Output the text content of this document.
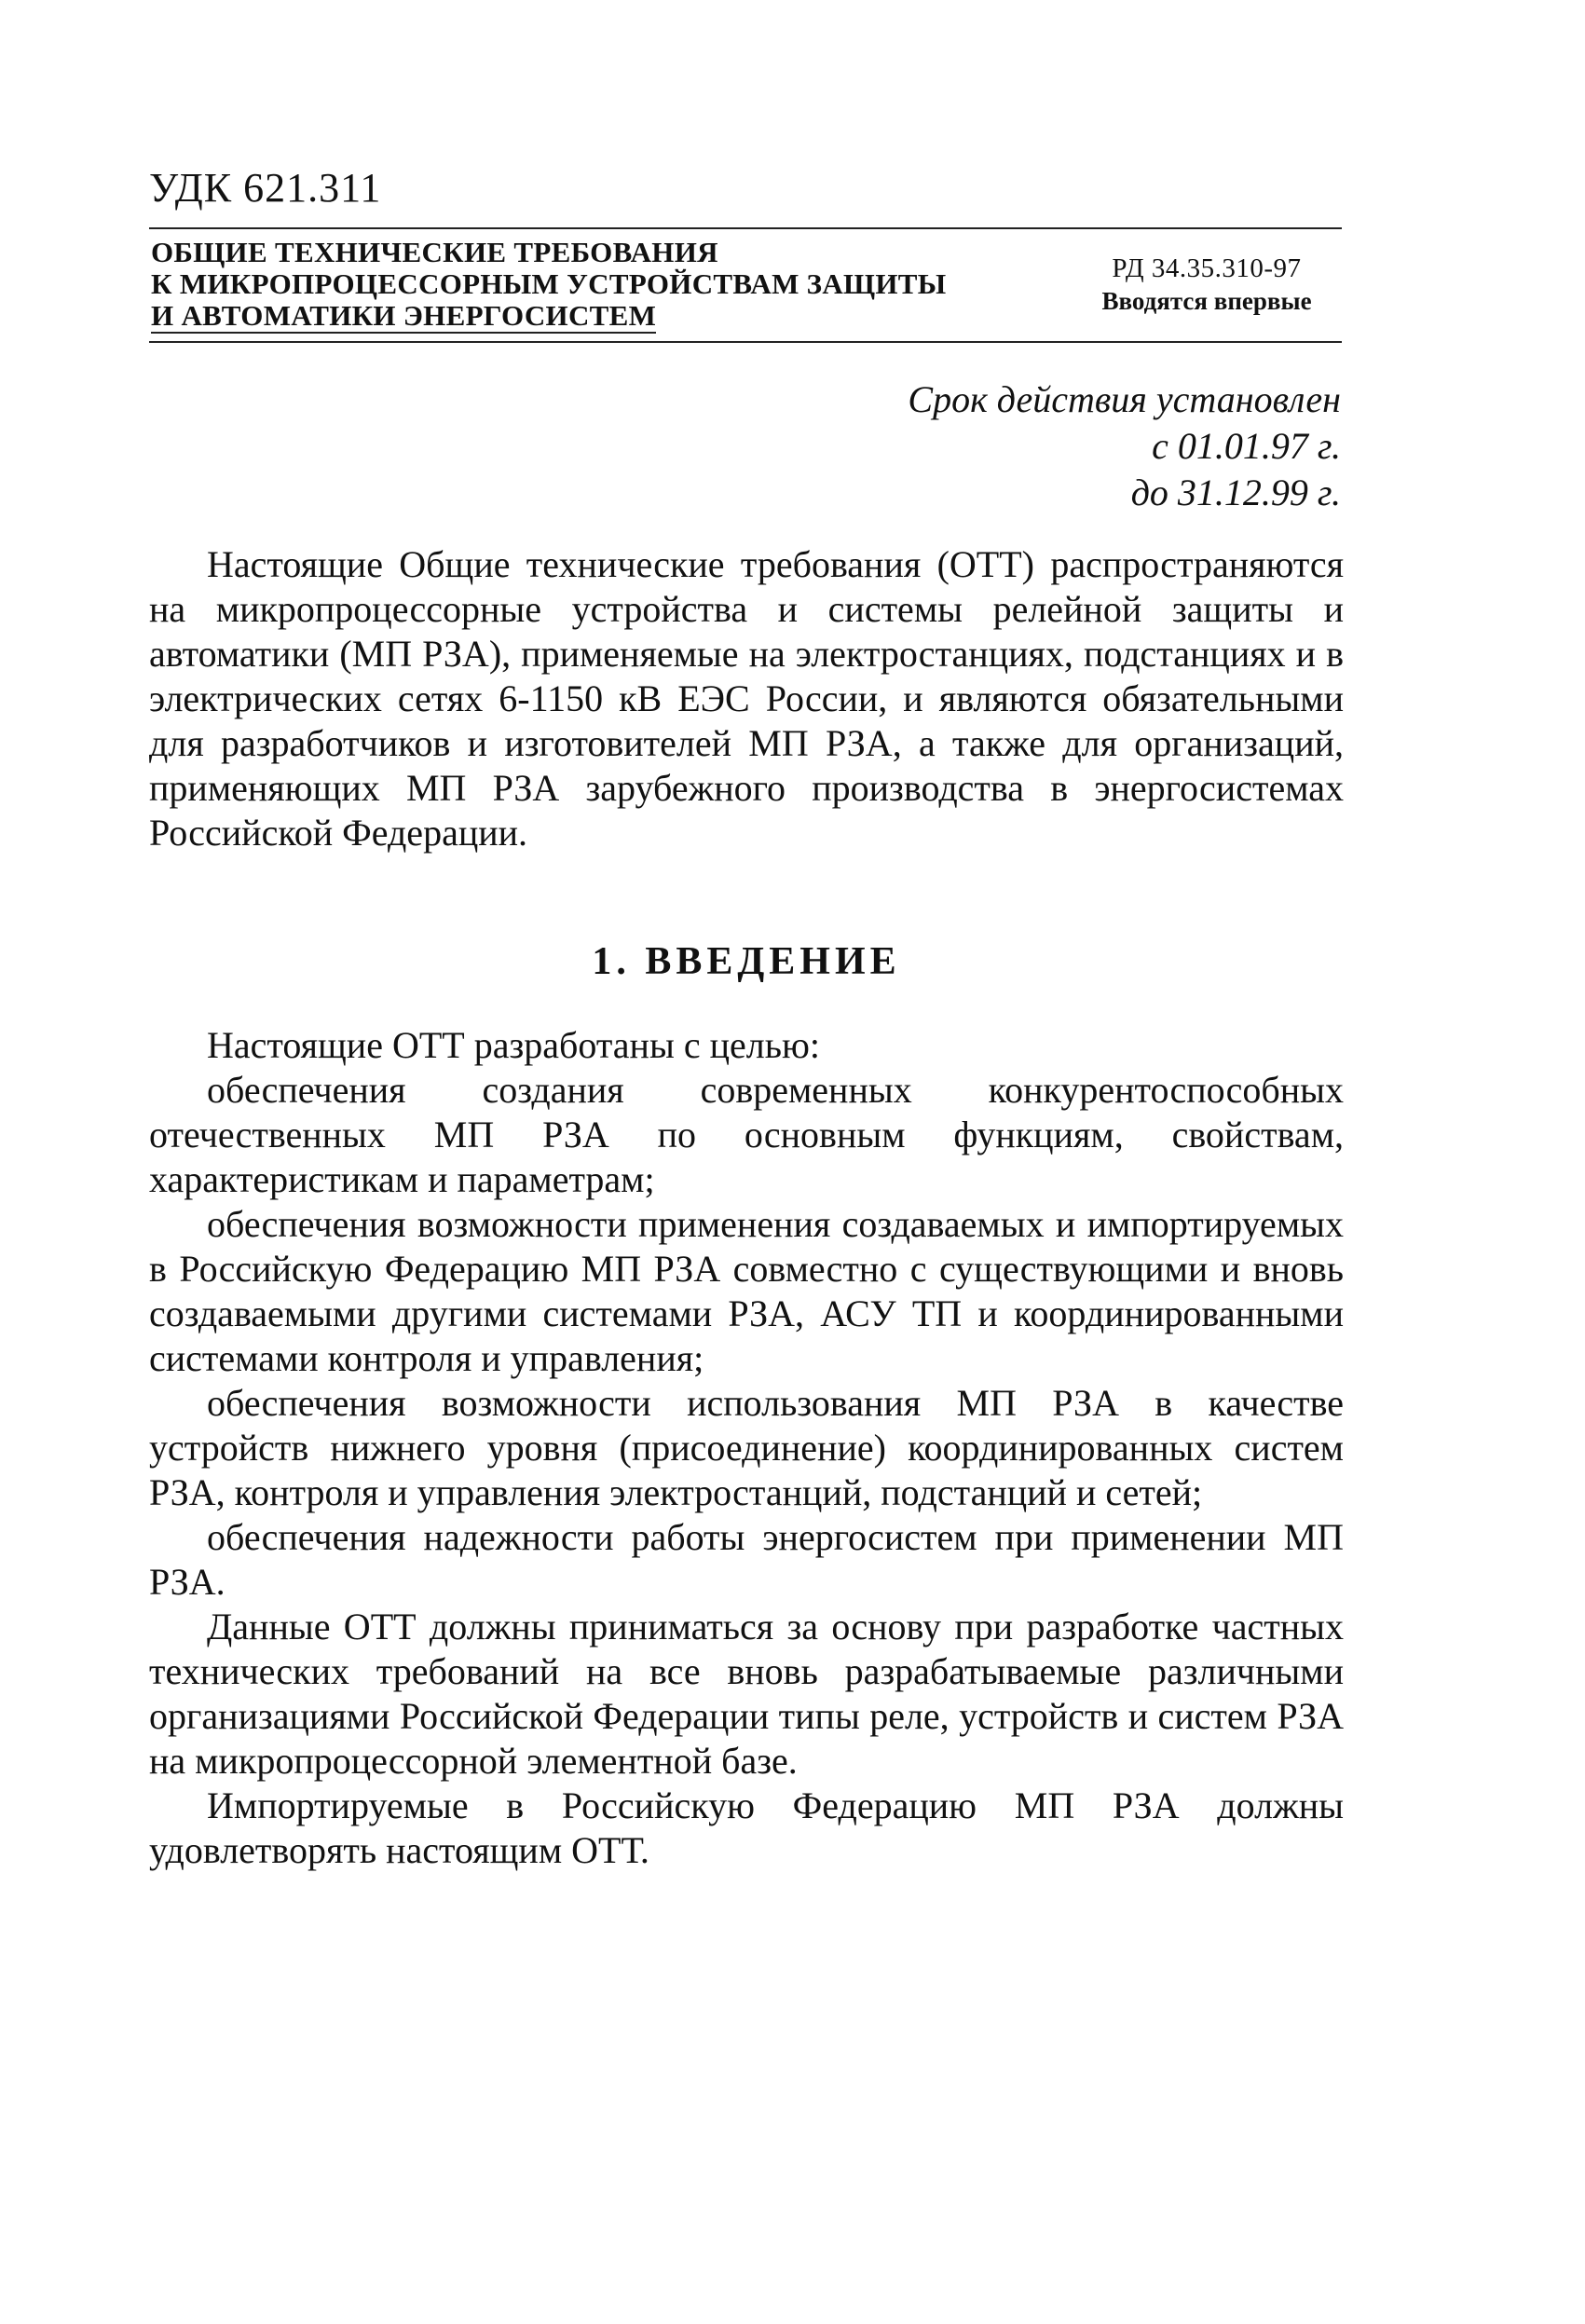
УДК 621.311
ОБЩИЕ ТЕХНИЧЕСКИЕ ТРЕБОВАНИЯ
К МИКРОПРОЦЕССОРНЫМ УСТРОЙСТВАМ ЗАЩИТЫ
И АВТОМАТИКИ ЭНЕРГОСИСТЕМ
РД 34.35.310-97
Вводятся впервые
Срок действия установлен
с 01.01.97 г.
до 31.12.99 г.

Настоящие Общие технические требования (ОТТ) распространяются на микропроцессорные устройства и системы релейной защиты и автоматики (МП РЗА), применяемые на электростанциях, подстанциях и в электрических сетях 6-1150 кВ ЕЭС России, и являются обязательными для разработчиков и изготовителей МП РЗА, а также для организаций, применяющих МП РЗА зарубежного производства в энергосистемах Российской Федерации.

1. ВВЕДЕНИЕ

Настоящие ОТТ разработаны с целью:

обеспечения создания современных конкурентоспособных отечественных МП РЗА по основным функциям, свойствам, характеристикам и параметрам;

обеспечения возможности применения создаваемых и импортируемых в Российскую Федерацию МП РЗА совместно с существующими и вновь создаваемыми другими системами РЗА, АСУ ТП и координированными системами контроля и управления;

обеспечения возможности использования МП РЗА в качестве устройств нижнего уровня (присоединение) координированных систем РЗА, контроля и управления электростанций, подстанций и сетей;

обеспечения надежности работы энергосистем при применении МП РЗА.

Данные ОТТ должны приниматься за основу при разработке частных технических требований на все вновь разрабатываемые различными организациями Российской Федерации типы реле, устройств и систем РЗА на микропроцессорной элементной базе.

Импортируемые в Российскую Федерацию МП РЗА должны удовлетворять настоящим ОТТ.
